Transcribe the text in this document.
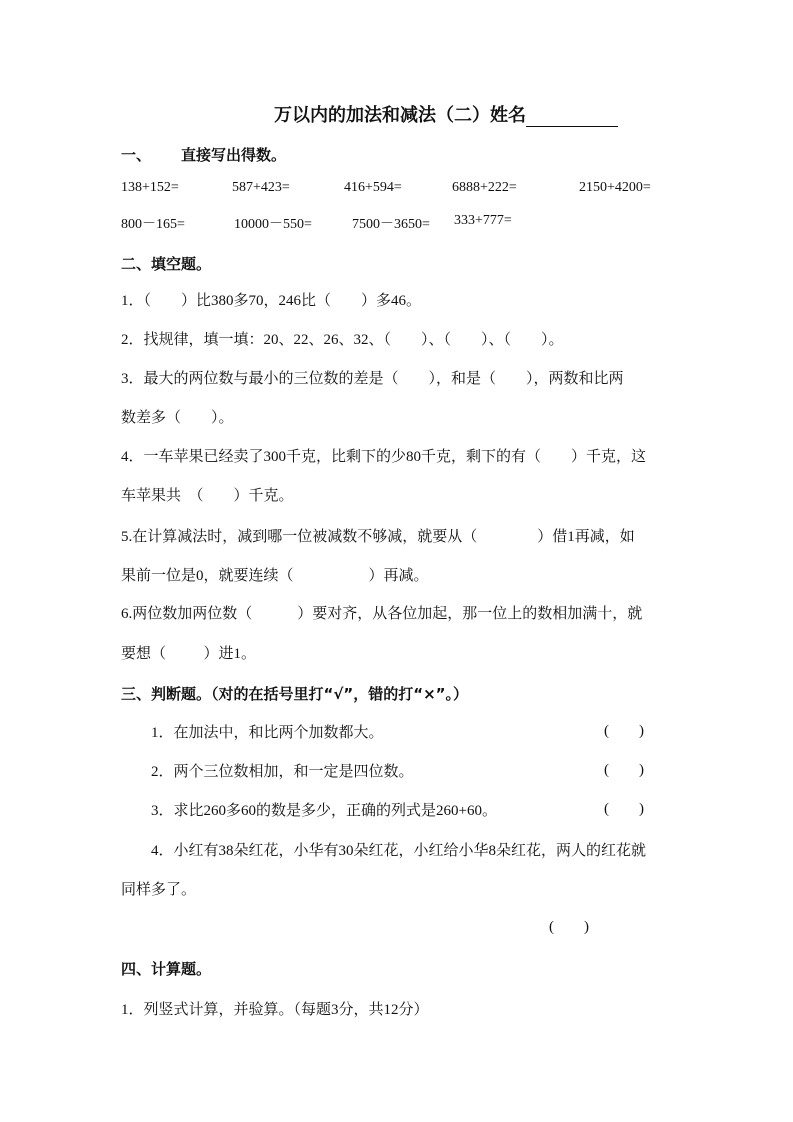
万以内的加法和减法（二）姓名
一、 直接写出得数。
138+152=	587+423=	416+594=	6888+222=	2150+4200=
800－165=	10000－550=	7500－3650= 333+777=
二、填空题。
1．（        ）比380多70，246比（        ）多46。
2．找规律，填一填：20、22、26、32、（        ）、（        ）、（        ）。
3．最大的两位数与最小的三位数的差是（        ），和是（        ），两数和比两
数差多（        ）。
4．一车苹果已经卖了300千克，比剩下的少80千克，剩下的有（        ）千克，这
车苹果共  （        ）千克。
5.在计算减法时，减到哪一位被减数不够减，就要从（                ）借1再减，如
果前一位是0，就要连续（                    ）再减。
6.两位数加两位数（            ）要对齐，从各位加起，那一位上的数相加满十，就
要想（          ）进1。
三、判断题。（对的在括号里打“√”，错的打“×”。）
1．在加法中，和比两个加数都大。	(        )
2．两个三位数相加，和一定是四位数。	(        )
3．求比260多60的数是多少，正确的列式是260+60。	(        )
4．小红有38朵红花，小华有30朵红花，小红给小华8朵红花，两人的红花就
同样多了。
(        )
四、计算题。
1．列竖式计算，并验算。（每题3分，共12分）
